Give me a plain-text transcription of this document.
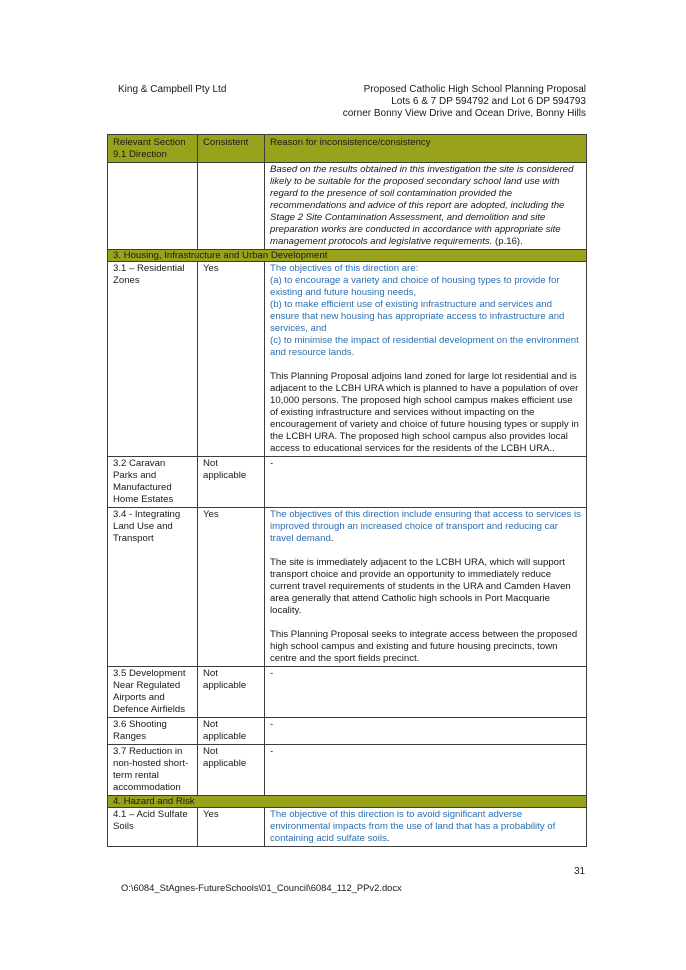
King & Campbell Pty Ltd	Proposed Catholic High School Planning Proposal
Lots 6 & 7 DP 594792 and Lot 6 DP 594793
corner Bonny View Drive and Ocean Drive, Bonny Hills
Relevant Section 9.1 Direction	Consistent	Reason for inconsistence/consistency
		Based on the results obtained in this investigation the site is considered likely to be suitable for the proposed secondary school land use with regard to the presence of soil contamination provided the recommendations and advice of this report are adopted, including the Stage 2 Site Contamination Assessment, and demolition and site preparation works are conducted in accordance with appropriate site management protocols and legislative requirements. (p.16).
3. Housing, Infrastructure and Urban Development		
3.1 – Residential Zones	Yes	The objectives of this direction are:
(a) to encourage a variety and choice of housing types to provide for existing and future housing needs,
(b) to make efficient use of existing infrastructure and services and ensure that new housing has appropriate access to infrastructure and services, and
(c) to minimise the impact of residential development on the environment and resource lands.
This Planning Proposal adjoins land zoned for large lot residential and is adjacent to the LCBH URA which is planned to have a population of over 10,000 persons. The proposed high school campus makes efficient use of existing infrastructure and services without impacting on the encouragement of variety and choice of future housing types or supply in the LCBH URA. The proposed high school campus also provides local access to educational services for the residents of the LCBH URA..

3.2 Caravan Parks and Manufactured Home Estates	Not applicable	-
3.4 - Integrating Land Use and Transport	Yes	The objectives of this direction include ensuring that access to services is improved through an increased choice of transport and reducing car travel demand.
The site is immediately adjacent to the LCBH URA, which will support transport choice and provide an opportunity to immediately reduce current travel requirements of students in the URA and Camden Haven area generally that attend Catholic high schools in Port Macquarie locality.
This Planning Proposal seeks to integrate access between the proposed high school campus and existing and future housing precincts, town centre and the sport fields precinct.

3.5 Development Near Regulated Airports and Defence Airfields	Not applicable	-
3.6 Shooting Ranges	Not applicable	-
3.7 Reduction in non-hosted short-term rental accommodation	Not applicable	-
4. Hazard and Risk		
4.1 – Acid Sulfate Soils	Yes	The objective of this direction is to avoid significant adverse environmental impacts from the use of land that has a probability of containing acid sulfate soils.
31
O:\6084_StAgnes-FutureSchools\01_Council\6084_112_PPv2.docx
